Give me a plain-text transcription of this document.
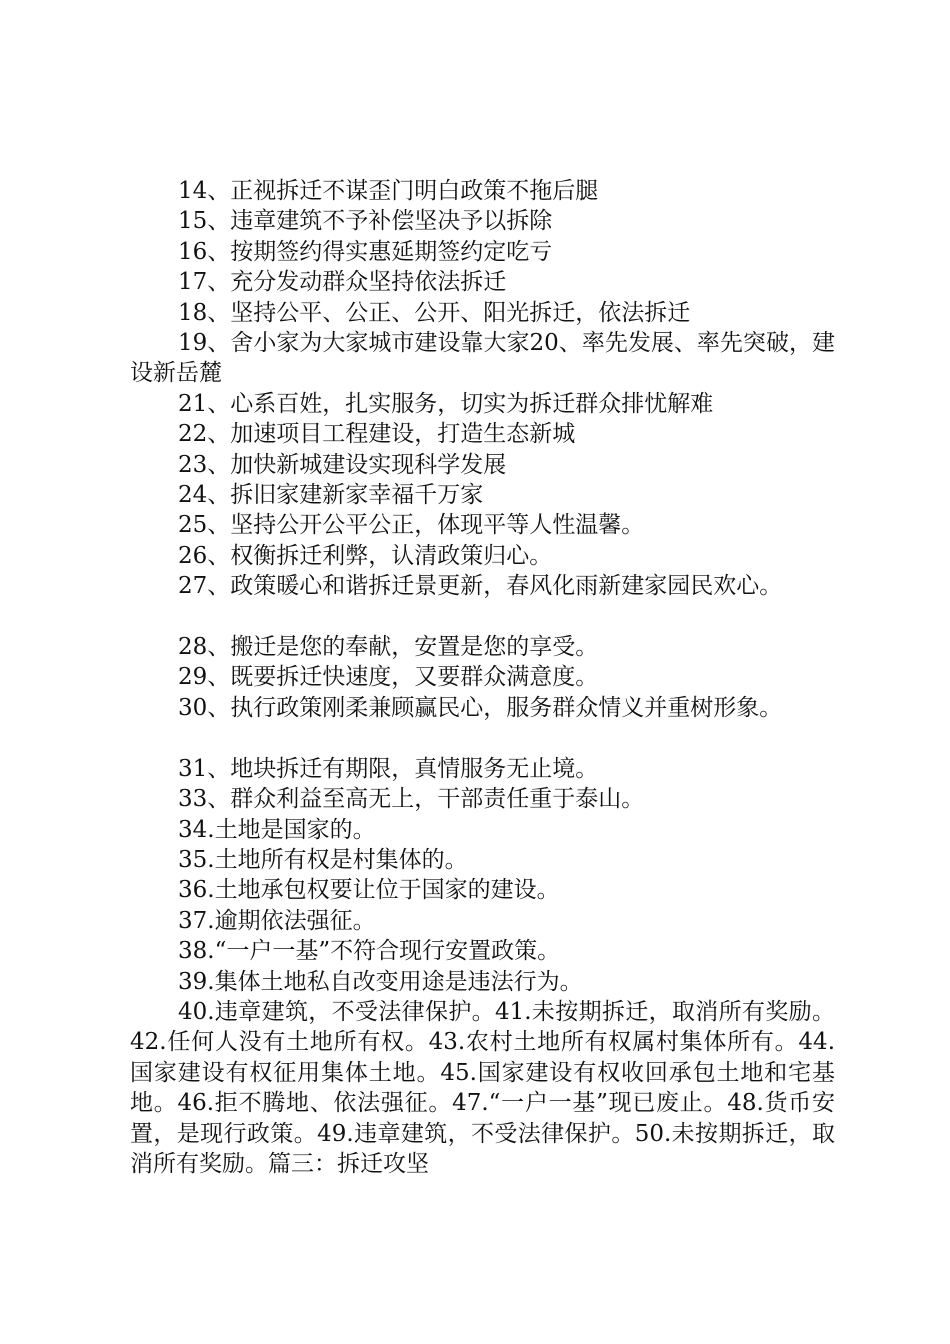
14、正视拆迁不谋歪门明白政策不拖后腿

15、违章建筑不予补偿坚决予以拆除

16、按期签约得实惠延期签约定吃亏

17、充分发动群众坚持依法拆迁

18、坚持公平、公正、公开、阳光拆迁，依法拆迁

19、舍小家为大家城市建设靠大家20、率先发展、率先突破，建设新岳麓

21、心系百姓，扎实服务，切实为拆迁群众排忧解难

22、加速项目工程建设，打造生态新城

23、加快新城建设实现科学发展

24、拆旧家建新家幸福千万家

25、坚持公开公平公正，体现平等人性温馨。

26、权衡拆迁利弊，认清政策归心。

27、政策暖心和谐拆迁景更新，春风化雨新建家园民欢心。

28、搬迁是您的奉献，安置是您的享受。

29、既要拆迁快速度，又要群众满意度。

30、执行政策刚柔兼顾赢民心，服务群众情义并重树形象。

31、地块拆迁有期限，真情服务无止境。

33、群众利益至高无上，干部责任重于泰山。

34.土地是国家的。

35.土地所有权是村集体的。

36.土地承包权要让位于国家的建设。

37.逾期依法强征。

38.“一户一基”不符合现行安置政策。

39.集体土地私自改变用途是违法行为。

40.违章建筑，不受法律保护。41.未按期拆迁，取消所有奖励。42.任何人没有土地所有权。43.农村土地所有权属村集体所有。44.国家建设有权征用集体土地。45.国家建设有权收回承包土地和宅基地。46.拒不腾地、依法强征。47.“一户一基”现已废止。48.货币安置，是现行政策。49.违章建筑，不受法律保护。50.未按期拆迁，取消所有奖励。篇三：拆迁攻坚
